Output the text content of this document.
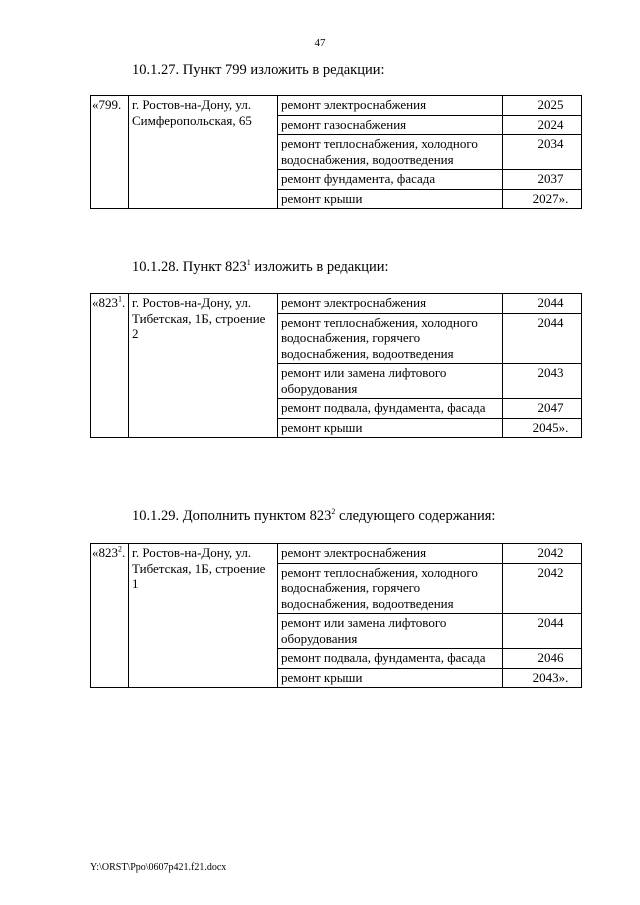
47
10.1.27. Пункт 799 изложить в редакции:
«799.	г. Ростов-на-Дону, ул. Симферопольская, 65	ремонт электроснабжения	2025
		ремонт газоснабжения	2024
		ремонт теплоснабжения, холодного водоснабжения, водоотведения	2034
		ремонт фундамента, фасада	2037
		ремонт крыши	2027».
10.1.28. Пункт $823^1$ изложить в редакции:
«$823^1$.	г. Ростов-на-Дону, ул. Тибетская, 1Б, строение 2	ремонт электроснабжения	2044
		ремонт теплоснабжения, холодного водоснабжения, горячего водоснабжения, водоотведения	2044
		ремонт или замена лифтового оборудования	2043
		ремонт подвала, фундамента, фасада	2047
		ремонт крыши	2045».
10.1.29. Дополнить пунктом $823^2$ следующего содержания:
«$823^2$.	г. Ростов-на-Дону, ул. Тибетская, 1Б, строение 1	ремонт электроснабжения	2042
		ремонт теплоснабжения, холодного водоснабжения, горячего водоснабжения, водоотведения	2042
		ремонт или замена лифтового оборудования	2044
		ремонт подвала, фундамента, фасада	2046
		ремонт крыши	2043».
Y:\ORST\Ppo\0607p421.f21.docx
